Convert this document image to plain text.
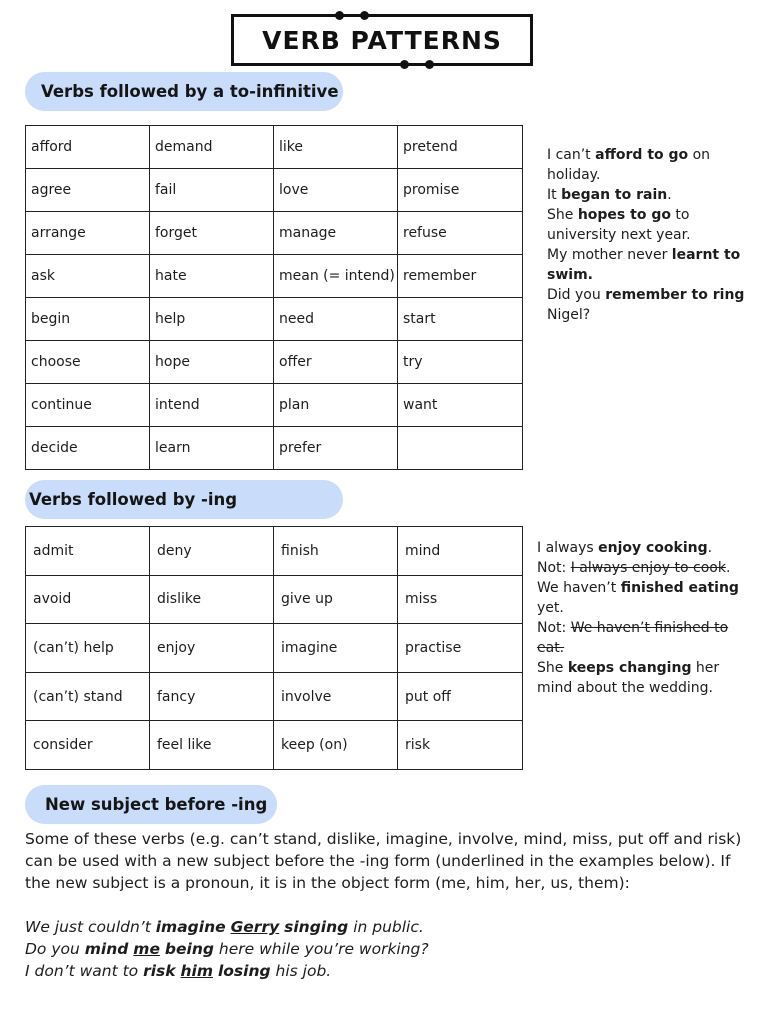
VERB PATTERNS
Verbs followed by a to-infinitive
afford	demand	like	pretend
agree	fail	love	promise
arrange	forget	manage	refuse
ask	hate	mean (= intend)	remember
begin	help	need	start
choose	hope	offer	try
continue	intend	plan	want
decide	learn	prefer	
I can’t afford to go on
holiday.
It began to rain.
She hopes to go to
university next year.
My mother never learnt to
swim.
Did you remember to ring
Nigel?
Verbs followed by -ing
admit	deny	finish	mind
avoid	dislike	give up	miss
(can’t) help	enjoy	imagine	practise
(can’t) stand	fancy	involve	put off
consider	feel like	keep (on)	risk
I always enjoy cooking.
Not: I always enjoy to cook.
We haven’t finished eating
yet.
Not: We haven’t finished to
eat.
She keeps changing her
mind about the wedding.
New subject before -ing
Some of these verbs (e.g. can’t stand, dislike, imagine, involve, mind, miss, put off and risk)
can be used with a new subject before the -ing form (underlined in the examples below). If
the new subject is a pronoun, it is in the object form (me, him, her, us, them):
We just couldn’t imagine Gerry singing in public.
Do you mind me being here while you’re working?
I don’t want to risk him losing his job.
